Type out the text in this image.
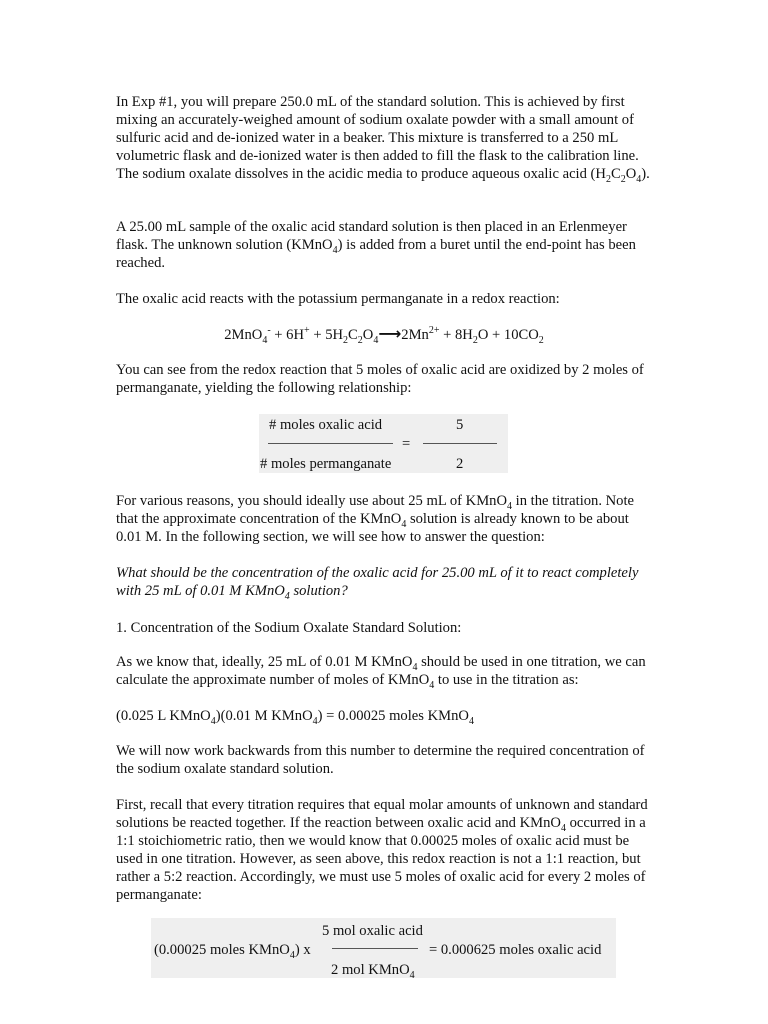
In Exp #1, you will prepare 250.0 mL of the standard solution. This is achieved by first mixing an accurately-weighed amount of sodium oxalate powder with a small amount of sulfuric acid and de-ionized water in a beaker. This mixture is transferred to a 250 mL volumetric flask and de-ionized water is then added to fill the flask to the calibration line. The sodium oxalate dissolves in the acidic media to produce aqueous oxalic acid $(H_2C_2O_4)$.

A 25.00 mL sample of the oxalic acid standard solution is then placed in an Erlenmeyer flask. The unknown solution (KMnO$_4$) is added from a buret until the end-point has been reached.

The oxalic acid reacts with the potassium permanganate in a redox reaction:

$2MnO_4^- + 6H^+ + 5H_2C_2O_4⟶2Mn^{2+} + 8H_2O + 10CO_2$

You can see from the redox reaction that 5 moles of oxalic acid are oxidized by 2 moles of permanganate, yielding the following relationship:

# moles oxalic acid
# moles permanganate
=
5
2

For various reasons, you should ideally use about 25 mL of KMnO$_4$ in the titration. Note that the approximate concentration of the KMnO$_4$ solution is already known to be about 0.01 M. In the following section, we will see how to answer the question:

What should be the concentration of the oxalic acid for 25.00 mL of it to react completely with 25 mL of 0.01 M KMnO$_4$ solution?

1. Concentration of the Sodium Oxalate Standard Solution:

As we know that, ideally, 25 mL of 0.01 M KMnO$_4$ should be used in one titration, we can calculate the approximate number of moles of KMnO$_4$ to use in the titration as:

(0.025 L KMnO$_4$)(0.01 M KMnO$_4$) = 0.00025 moles KMnO$_4$

We will now work backwards from this number to determine the required concentration of the sodium oxalate standard solution.

First, recall that every titration requires that equal molar amounts of unknown and standard solutions be reacted together. If the reaction between oxalic acid and KMnO$_4$ occurred in a 1:1 stoichiometric ratio, then we would know that 0.00025 moles of oxalic acid must be used in one titration. However, as seen above, this redox reaction is not a 1:1 reaction, but rather a 5:2 reaction. Accordingly, we must use 5 moles of oxalic acid for every 2 moles of permanganate:

(0.00025 moles KMnO$_4$) x
5 mol oxalic acid
2 mol KMnO$_4$
= 0.000625 moles oxalic acid
